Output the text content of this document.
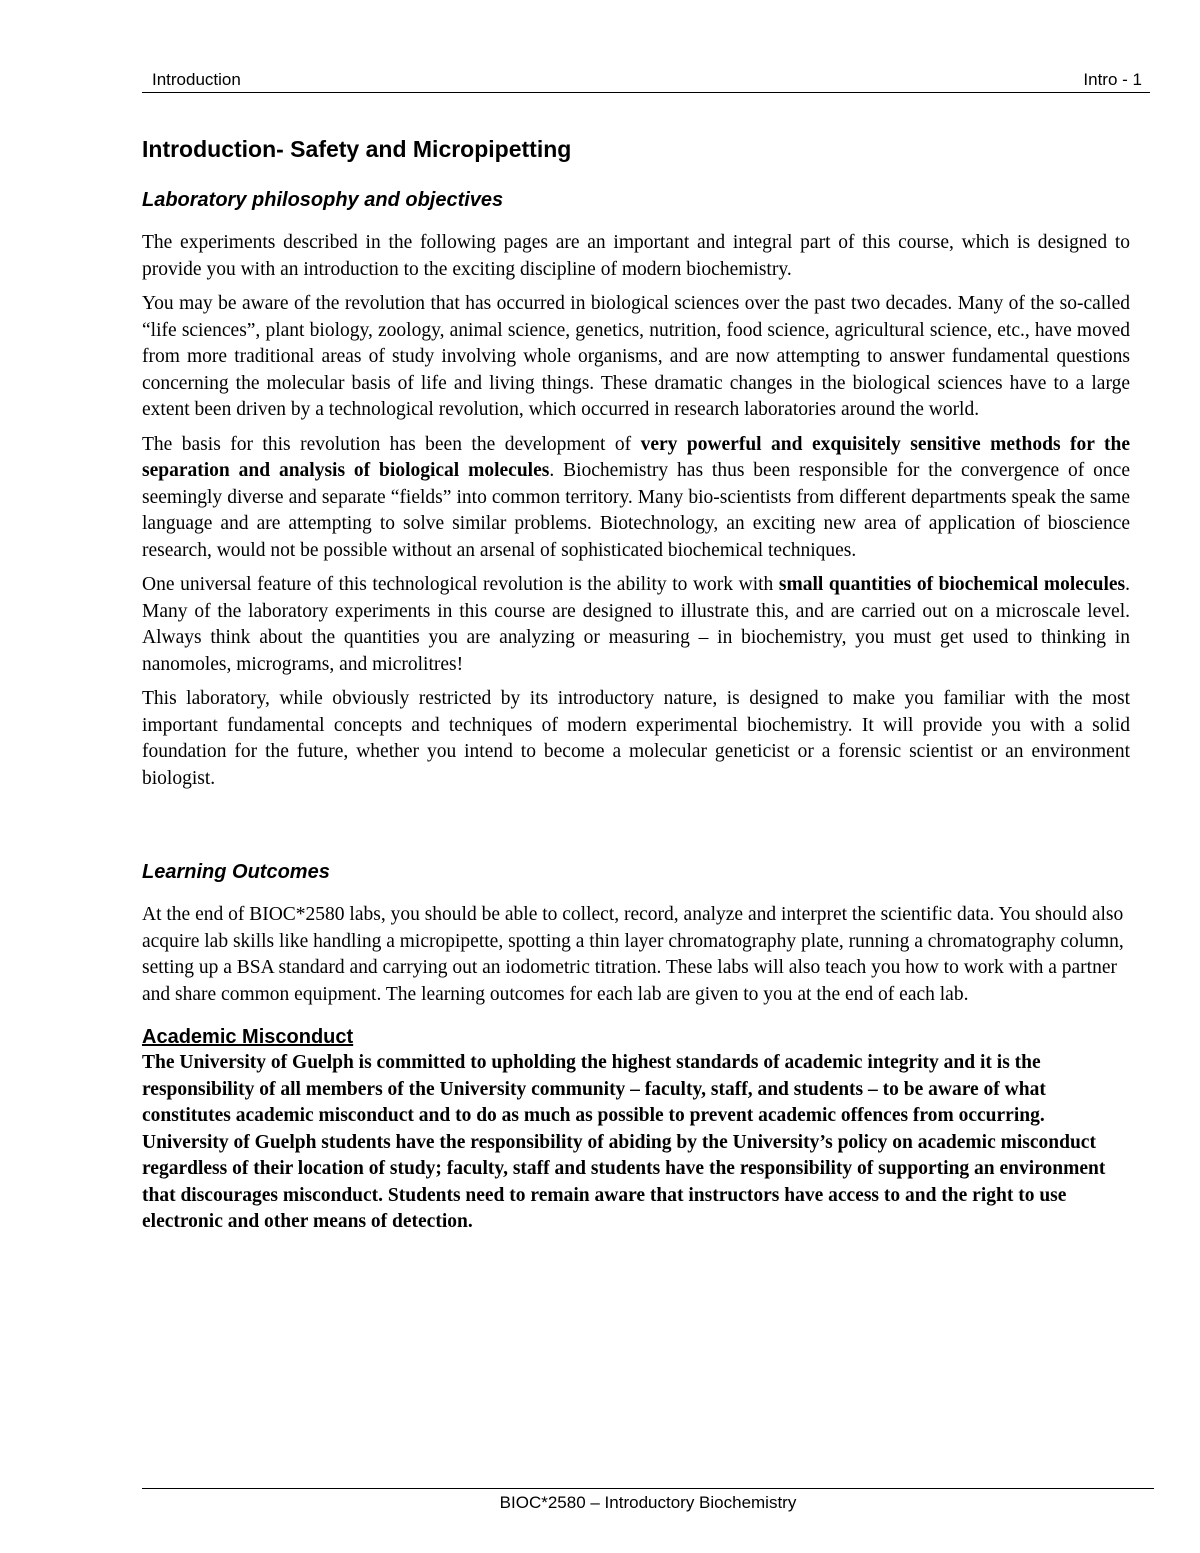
Introduction	Intro - 1
Introduction- Safety and Micropipetting
Laboratory philosophy and objectives

The experiments described in the following pages are an important and integral part of this course, which is designed to provide you with an introduction to the exciting discipline of modern biochemistry.

You may be aware of the revolution that has occurred in biological sciences over the past two decades. Many of the so-called “life sciences”, plant biology, zoology, animal science, genetics, nutrition, food science, agricultural science, etc., have moved from more traditional areas of study involving whole organisms, and are now attempting to answer fundamental questions concerning the molecular basis of life and living things. These dramatic changes in the biological sciences have to a large extent been driven by a technological revolution, which occurred in research laboratories around the world.

The basis for this revolution has been the development of very powerful and exquisitely sensitive methods for the separation and analysis of biological molecules. Biochemistry has thus been responsible for the convergence of once seemingly diverse and separate “fields” into common territory. Many bio-scientists from different departments speak the same language and are attempting to solve similar problems. Biotechnology, an exciting new area of application of bioscience research, would not be possible without an arsenal of sophisticated biochemical techniques.

One universal feature of this technological revolution is the ability to work with small quantities of biochemical molecules. Many of the laboratory experiments in this course are designed to illustrate this, and are carried out on a microscale level. Always think about the quantities you are analyzing or measuring – in biochemistry, you must get used to thinking in nanomoles, micrograms, and microlitres!

This laboratory, while obviously restricted by its introductory nature, is designed to make you familiar with the most important fundamental concepts and techniques of modern experimental biochemistry. It will provide you with a solid foundation for the future, whether you intend to become a molecular geneticist or a forensic scientist or an environment biologist.

Learning Outcomes

At the end of BIOC*2580 labs, you should be able to collect, record, analyze and interpret the scientific data. You should also acquire lab skills like handling a micropipette, spotting a thin layer chromatography plate, running a chromatography column, setting up a BSA standard and carrying out an iodometric titration. These labs will also teach you how to work with a partner and share common equipment. The learning outcomes for each lab are given to you at the end of each lab.

Academic Misconduct

The University of Guelph is committed to upholding the highest standards of academic integrity and it is the responsibility of all members of the University community – faculty, staff, and students – to be aware of what constitutes academic misconduct and to do as much as possible to prevent academic offences from occurring. University of Guelph students have the responsibility of abiding by the University’s policy on academic misconduct regardless of their location of study; faculty, staff and students have the responsibility of supporting an environment that discourages misconduct. Students need to remain aware that instructors have access to and the right to use electronic and other means of detection.

BIOC*2580 – Introductory Biochemistry
